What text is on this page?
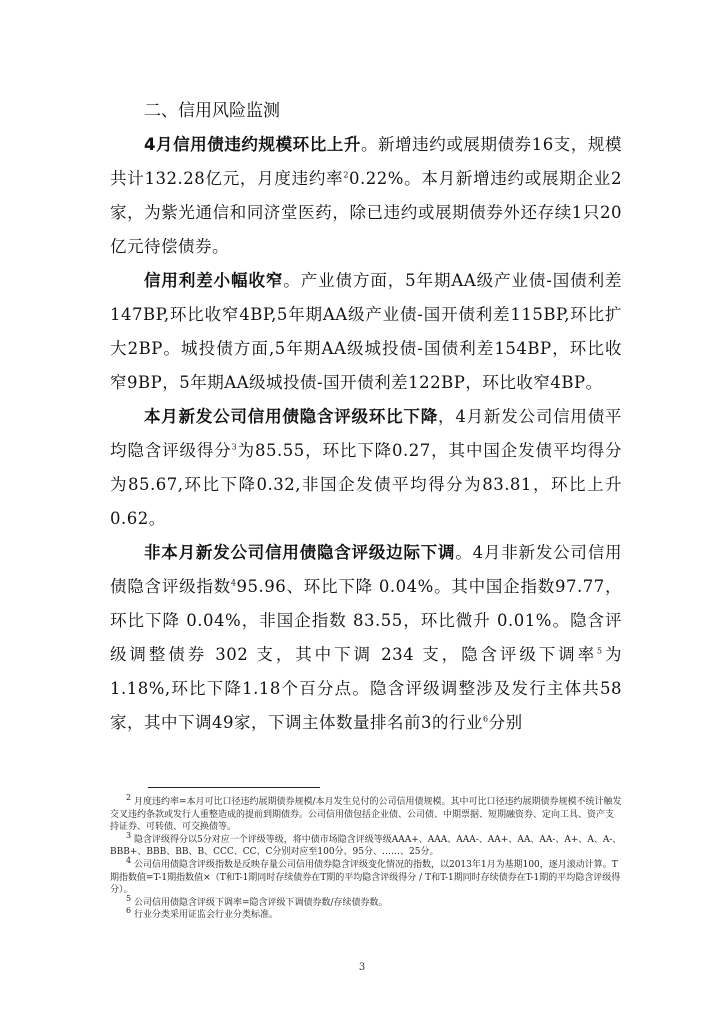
二、信用风险监测

4月信用债违约规模环比上升。新增违约或展期债券16支，规模共计132.28亿元，月度违约率$^2$0.22%。本月新增违约或展期企业2家，为紫光通信和同济堂医药，除已违约或展期债券外还存续1只20亿元待偿债券。

信用利差小幅收窄。产业债方面，5年期AA级产业债-国债利差147BP,环比收窄4BP,5年期AA级产业债-国开债利差115BP,环比扩大2BP。城投债方面,5年期AA级城投债-国债利差154BP，环比收窄9BP，5年期AA级城投债-国开债利差122BP，环比收窄4BP。

本月新发公司信用债隐含评级环比下降，4月新发公司信用债平均隐含评级得分$^3$为85.55，环比下降0.27，其中国企发债平均得分为85.67,环比下降0.32,非国企发债平均得分为83.81，环比上升0.62。

非本月新发公司信用债隐含评级边际下调。4月非新发公司信用债隐含评级指数$^4$95.96、环比下降 0.04%。其中国企指数97.77，环比下降 0.04%，非国企指数 83.55，环比微升 0.01%。隐含评级调整债券 302 支，其中下调 234 支，隐含评级下调率$^5$为1.18%,环比下降1.18个百分点。隐含评级调整涉及发行主体共58家，其中下调49家，下调主体数量排名前3的行业$^6$分别

$^2$ 月度违约率=本月可比口径违约展期债券规模/本月发生兑付的公司信用债规模。其中可比口径违约展期债券规模不统计触发交叉违约条款或发行人重整造成的提前到期债券。公司信用债包括企业债、公司债、中期票据、短期融资券、定向工具、资产支持证券、可转债、可交换债等。

$^3$ 隐含评级得分以5分对应一个评级等级，将中债市场隐含评级等级AAA+、AAA、AAA-、AA+、AA、AA-、A+、A、A-、BBB+、BBB、BB、B、CCC、CC、C分别对应至100分、95分、……、25分。

$^4$ 公司信用债隐含评级指数是反映存量公司信用债券隐含评级变化情况的指数，以2013年1月为基期100，逐月滚动计算。T期指数值=T-1期指数值×（T和T-1期同时存续债券在T期的平均隐含评级得分 / T和T-1期同时存续债券在T-1期的平均隐含评级得分）。

$^5$ 公司信用债隐含评级下调率=隐含评级下调债券数/存续债券数。

$^6$ 行业分类采用证监会行业分类标准。

3
